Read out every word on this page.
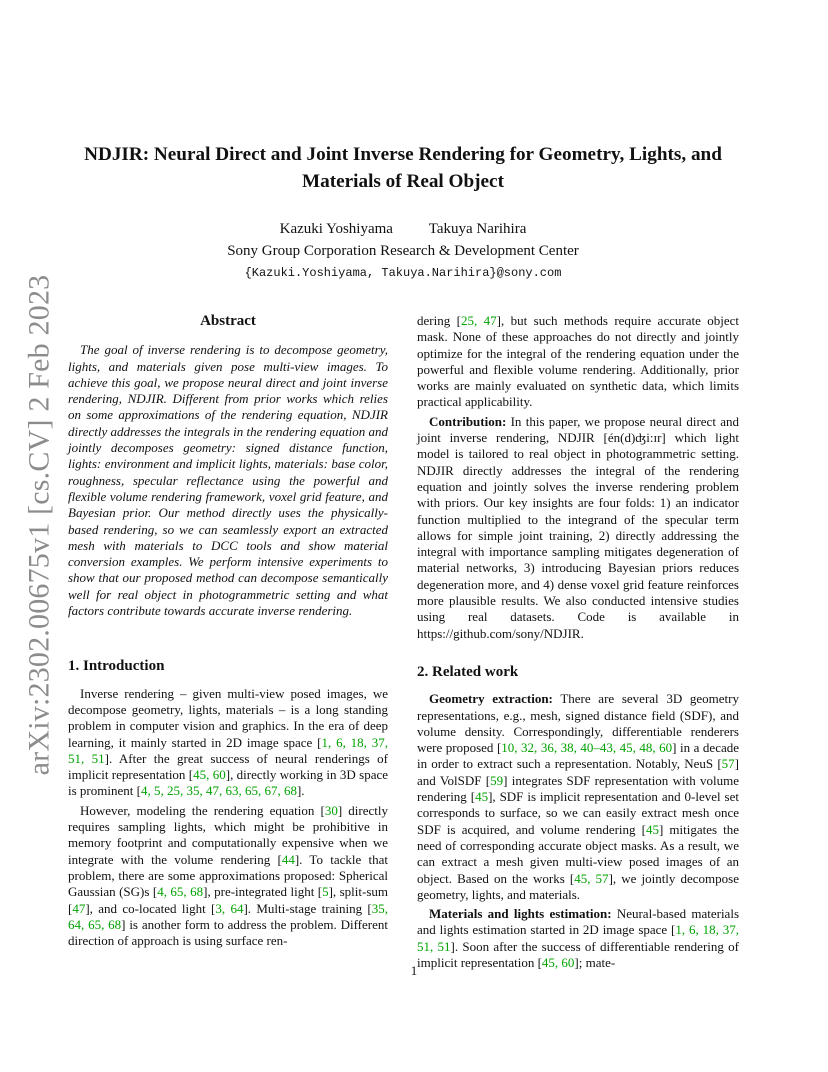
arXiv:2302.00675v1 [cs.CV] 2 Feb 2023
NDJIR: Neural Direct and Joint Inverse Rendering for Geometry, Lights, and Materials of Real Object
Kazuki Yoshiyama Takuya Narihira
Sony Group Corporation Research & Development Center
{Kazuki.Yoshiyama, Takuya.Narihira}@sony.com
Abstract

The goal of inverse rendering is to decompose geometry, lights, and materials given pose multi-view images. To achieve this goal, we propose neural direct and joint inverse rendering, NDJIR. Different from prior works which relies on some approximations of the rendering equation, NDJIR directly addresses the integrals in the rendering equation and jointly decomposes geometry: signed distance function, lights: environment and implicit lights, materials: base color, roughness, specular reflectance using the powerful and flexible volume rendering framework, voxel grid feature, and Bayesian prior. Our method directly uses the physically-based rendering, so we can seamlessly export an extracted mesh with materials to DCC tools and show material conversion examples. We perform intensive experiments to show that our proposed method can decompose semantically well for real object in photogrammetric setting and what factors contribute towards accurate inverse rendering.

1. Introduction

Inverse rendering – given multi-view posed images, we decompose geometry, lights, materials – is a long standing problem in computer vision and graphics. In the era of deep learning, it mainly started in 2D image space [1, 6, 18, 37, 51, 51]. After the great success of neural renderings of implicit representation [45, 60], directly working in 3D space is prominent [4, 5, 25, 35, 47, 63, 65, 67, 68].

However, modeling the rendering equation [30] directly requires sampling lights, which might be prohibitive in memory footprint and computationally expensive when we integrate with the volume rendering [44]. To tackle that problem, there are some approximations proposed: Spherical Gaussian (SG)s [4, 65, 68], pre-integrated light [5], split-sum [47], and co-located light [3, 64]. Multi-stage training [35, 64, 65, 68] is another form to address the problem. Different direction of approach is using surface ren-

dering [25, 47], but such methods require accurate object mask. None of these approaches do not directly and jointly optimize for the integral of the rendering equation under the powerful and flexible volume rendering. Additionally, prior works are mainly evaluated on synthetic data, which limits practical applicability.

Contribution: In this paper, we propose neural direct and joint inverse rendering, NDJIR [én(d)ʤi:ɪr] which light model is tailored to real object in photogrammetric setting. NDJIR directly addresses the integral of the rendering equation and jointly solves the inverse rendering problem with priors. Our key insights are four folds: 1) an indicator function multiplied to the integrand of the specular term allows for simple joint training, 2) directly addressing the integral with importance sampling mitigates degeneration of material networks, 3) introducing Bayesian priors reduces degeneration more, and 4) dense voxel grid feature reinforces more plausible results. We also conducted intensive studies using real datasets. Code is available in https://github.com/sony/NDJIR.

2. Related work

Geometry extraction: There are several 3D geometry representations, e.g., mesh, signed distance field (SDF), and volume density. Correspondingly, differentiable renderers were proposed [10, 32, 36, 38, 40–43, 45, 48, 60] in a decade in order to extract such a representation. Notably, NeuS [57] and VolSDF [59] integrates SDF representation with volume rendering [45], SDF is implicit representation and 0-level set corresponds to surface, so we can easily extract mesh once SDF is acquired, and volume rendering [45] mitigates the need of corresponding accurate object masks. As a result, we can extract a mesh given multi-view posed images of an object. Based on the works [45, 57], we jointly decompose geometry, lights, and materials.

Materials and lights estimation: Neural-based materials and lights estimation started in 2D image space [1, 6, 18, 37, 51, 51]. Soon after the success of differentiable rendering of implicit representation [45, 60]; mate-

1
